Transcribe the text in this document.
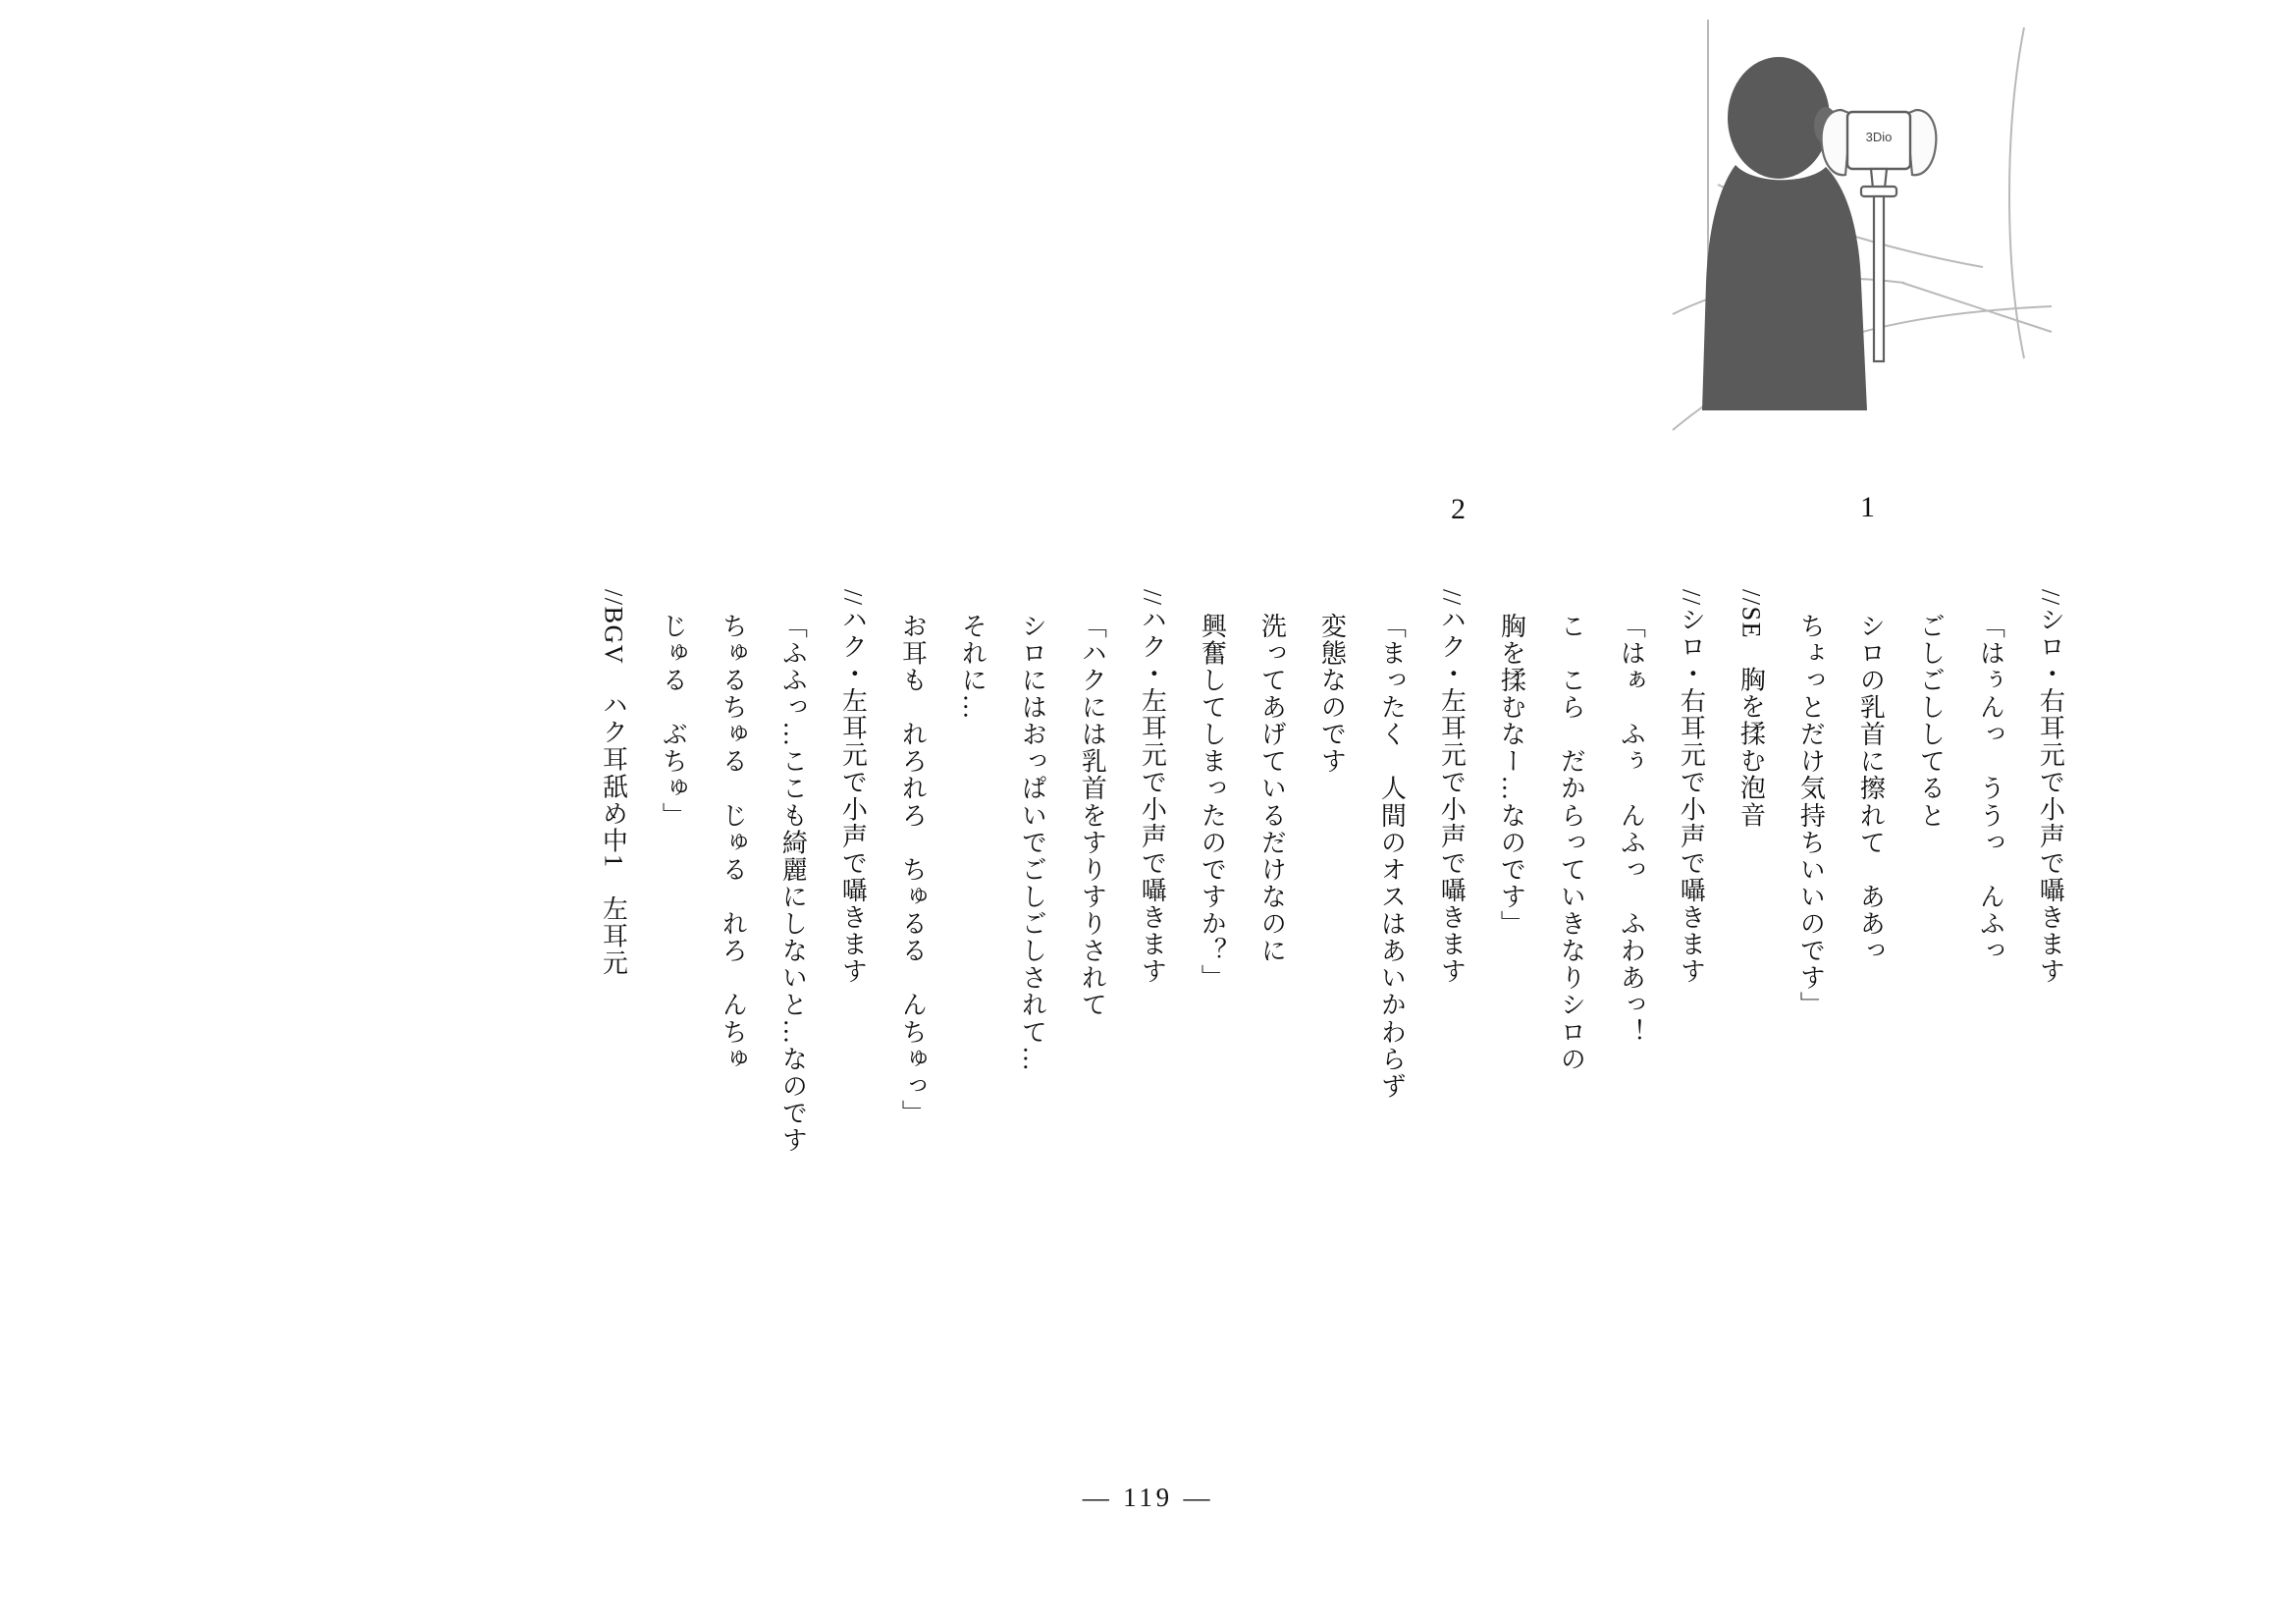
3Dio
1
2
//シロ・右耳元で小声で囁きます
「はぅんっ　ううっ　んふっ
ごしごししてると
シロの乳首に擦れて　ああっ
ちょっとだけ気持ちいいのです」
//SE　胸を揉む泡音
//シロ・右耳元で小声で囁きます
「はぁ　ふぅ　んふっ　ふわあっ！
こ　こら　だからっていきなりシロの
胸を揉むなー…なのです」
//ハク・左耳元で小声で囁きます
「まったく　人間のオスはあいかわらず
変態なのです
洗ってあげているだけなのに
興奮してしまったのですか？」
//ハク・左耳元で小声で囁きます
「ハクには乳首をすりすりされて
シロにはおっぱいでごしごしされて…
それに…
お耳も　れろれろ　ちゅるる　んちゅっ」
//ハク・左耳元で小声で囁きます
「ふふっ…ここも綺麗にしないと…なのです
ちゅるちゅる　じゅる　れろ　んちゅ
じゅる　ぶちゅ」
//BGV　ハク耳舐め中1　左耳元
— 119 —
